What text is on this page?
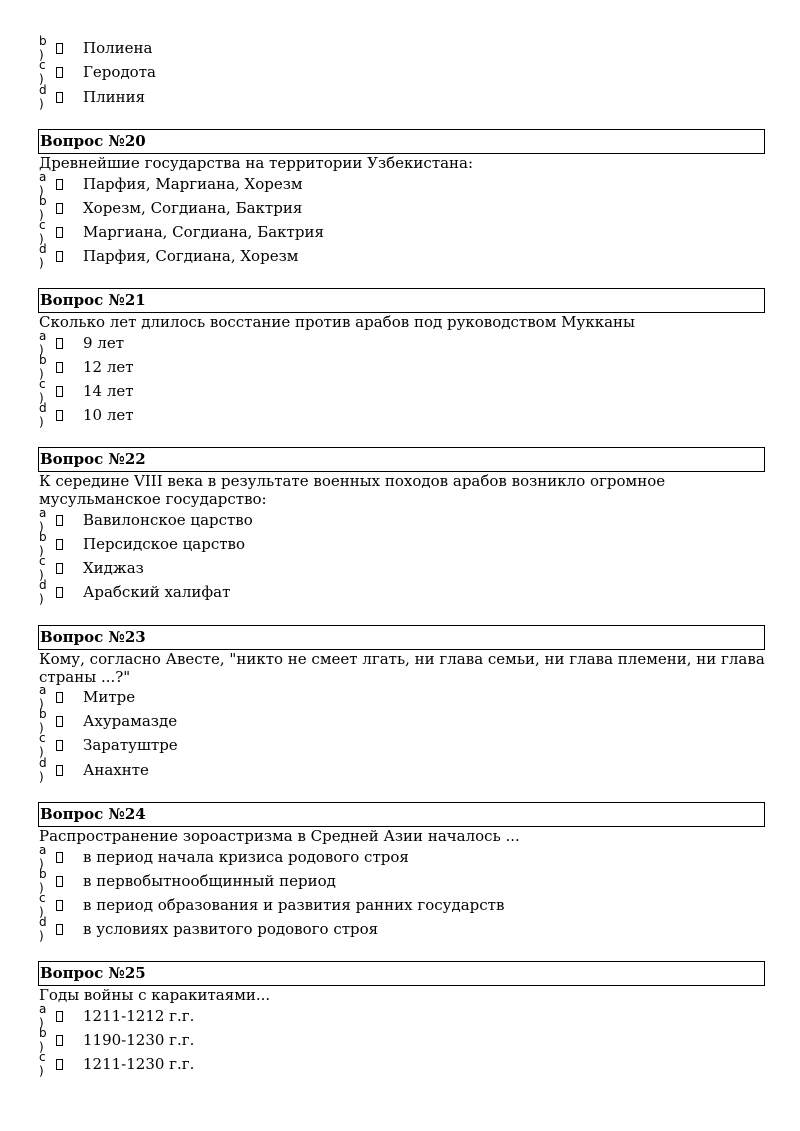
b )	Полиена
c )	Геродота
d )	Плиния
Вопрос №20
Древнейшие государства на территории Узбекистана:
a )	Парфия, Маргиана, Хорезм
b )	Хорезм, Согдиана, Бактрия
c )	Маргиана, Согдиана, Бактрия
d )	Парфия, Согдиана, Хорезм
Вопрос №21
Сколько лет длилось восстание против арабов под руководством Мукканы
a )	9 лет
b )	12 лет
c )	14 лет
d )	10 лет
Вопрос №22
К середине VIII века в результате военных походов арабов возникло огромное мусульманское государство:
a )	Вавилонское царство
b )	Персидское царство
c )	Хиджаз
d )	Арабский халифат
Вопрос №23
Кому, согласно Авесте, "никто не смеет лгать, ни глава семьи, ни глава племени, ни глава страны ...?"
a )	Митре
b )	Ахурамазде
c )	Заратуштре
d )	Анахнте
Вопрос №24
Распространение зороастризма в Средней Азии началось ...
a )	в период начала кризиса родового строя
b )	в первобытнообщинный период
c )	в период образования и развития ранних государств
d )	в условиях развитого родового строя
Вопрос №25
Годы войны с каракитаями...
a )	1211-1212 г.г.
b )	1190-1230 г.г.
c )	1211-1230 г.г.
